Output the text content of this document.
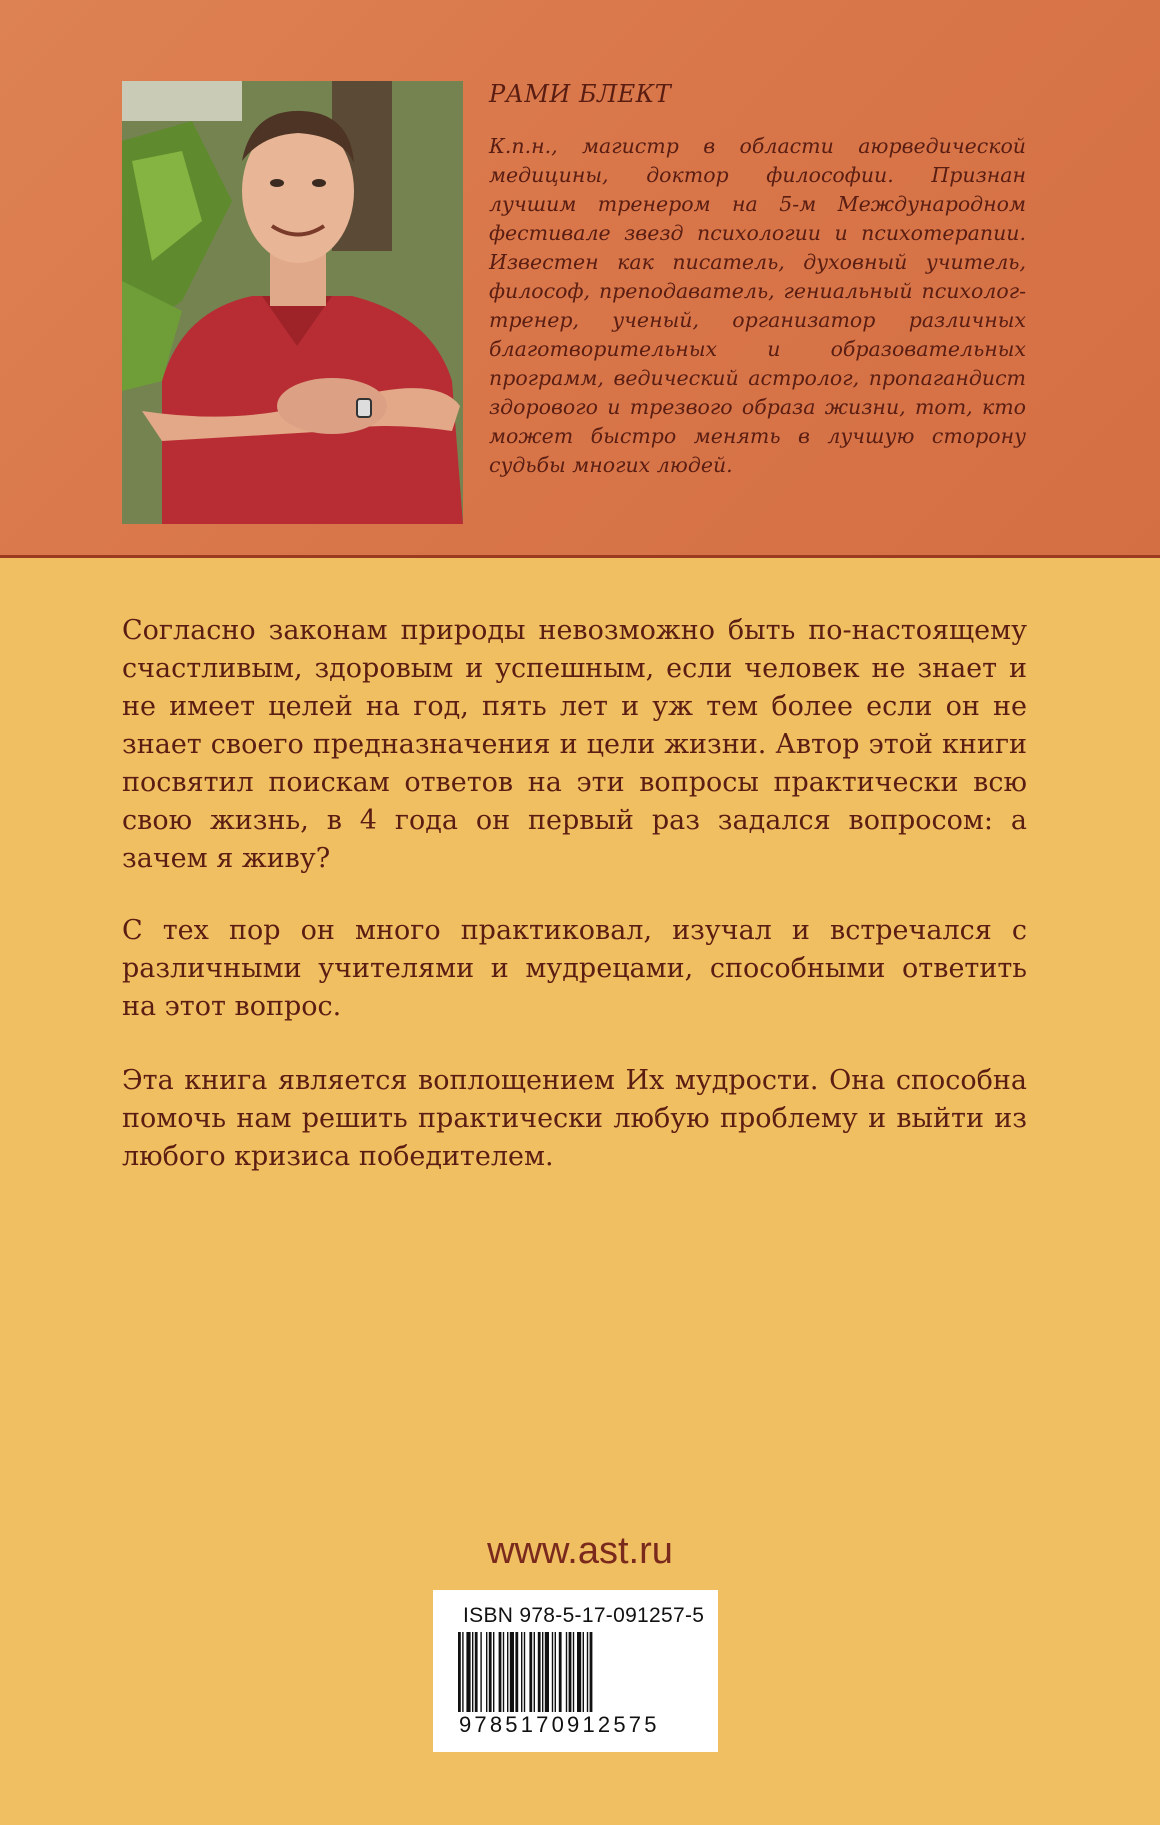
РАМИ БЛЕКТ
К.п.н., магистр в области аюрведической медицины, доктор философии. Признан лучшим тренером на 5-м Международном фестивале звезд психологии и психотерапии. Известен как писатель, духовный учитель, философ, преподаватель, гениальный психолог-тренер, ученый, организатор различных благотворительных и образовательных программ, ведический астролог, пропагандист здорового и трезвого образа жизни, тот, кто может быстро менять в лучшую сторону судьбы многих людей.
Согласно законам природы невозможно быть по-настоящему счастливым, здоровым и успешным, если человек не знает и не имеет целей на год, пять лет и уж тем более если он не знает своего предназначения и цели жизни. Автор этой книги посвятил поискам ответов на эти вопросы практически всю свою жизнь, в 4 года он первый раз задался вопросом: а зачем я живу?
С тех пор он много практиковал, изучал и встречался с различными учителями и мудрецами, способными ответить на этот вопрос.
Эта книга является воплощением Их мудрости. Она способна помочь нам решить практически любую проблему и выйти из любого кризиса победителем.
www.ast.ru
ISBN 978-5-17-091257-5
9785170912575
